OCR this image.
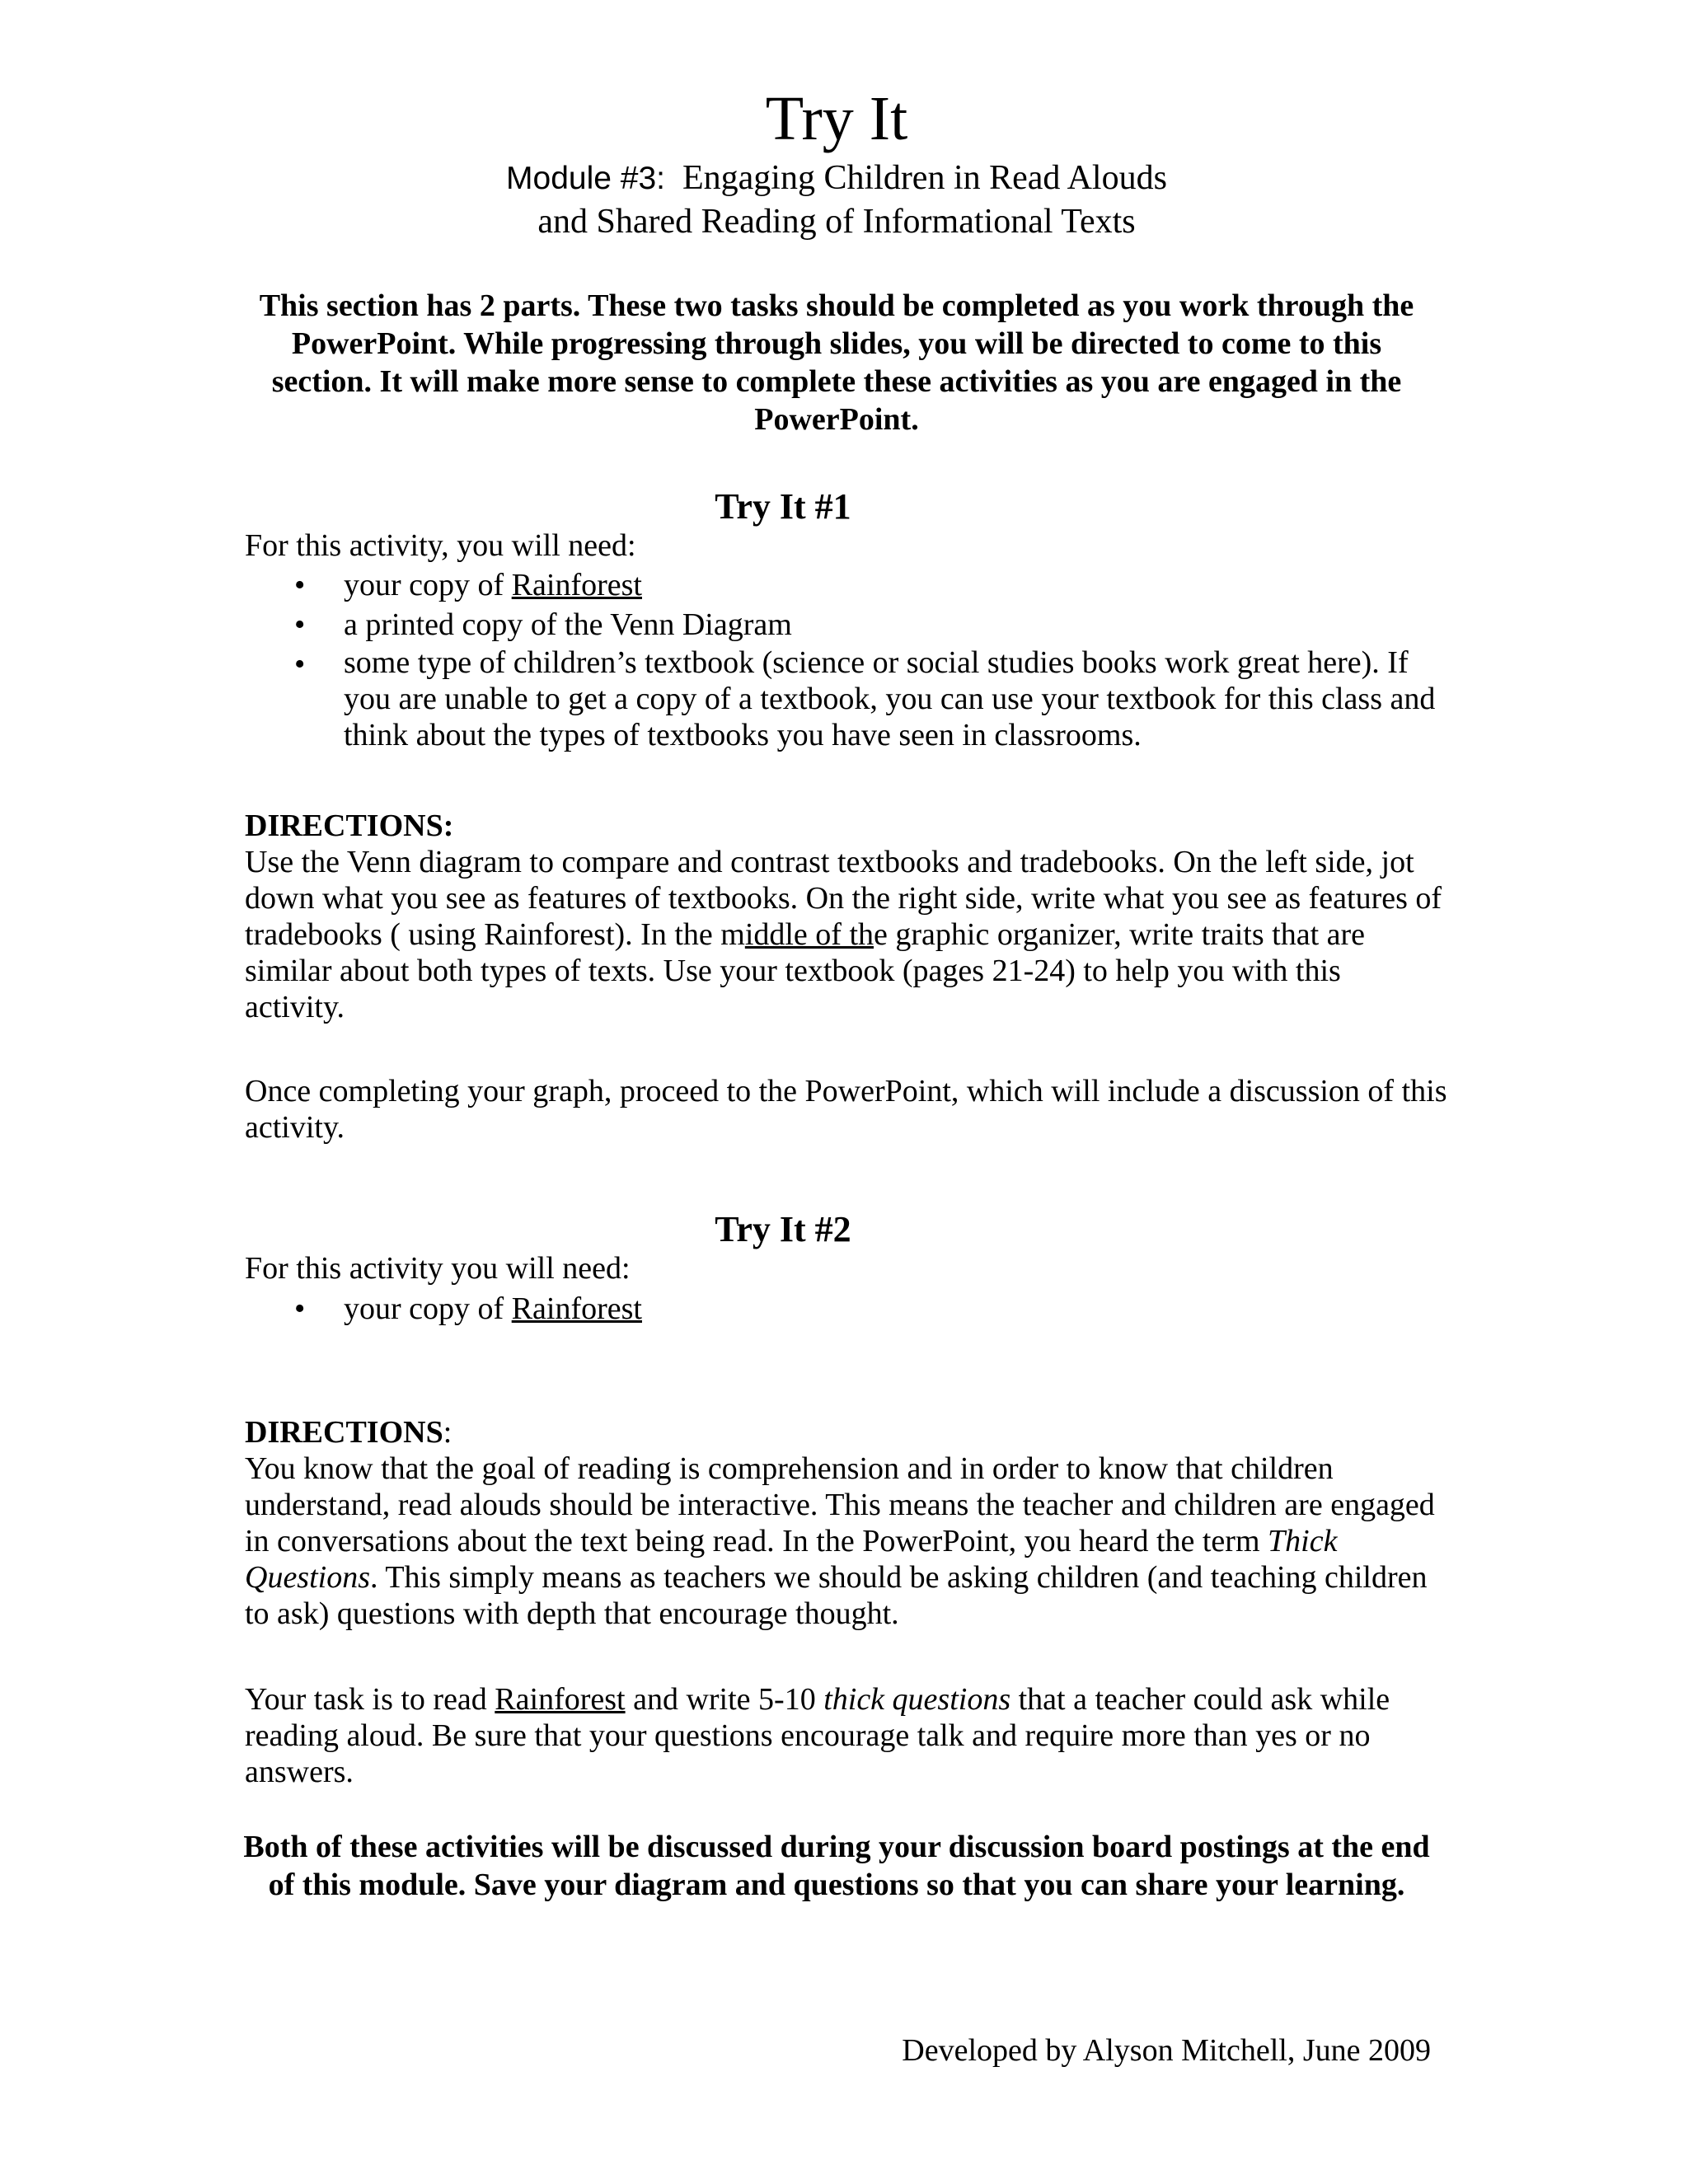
Try It
Module #3:  Engaging Children in Read Alouds
and Shared Reading of Informational Texts
This section has 2 parts. These two tasks should be completed as you work through the PowerPoint. While progressing through slides, you will be directed to come to this section. It will make more sense to complete these activities as you are engaged in the PowerPoint.
Try It #1
For this activity, you will need:
• your copy of Rainforest
• a printed copy of the Venn Diagram
• some type of children’s textbook (science or social studies books work great here). If you are unable to get a copy of a textbook, you can use your textbook for this class and think about the types of textbooks you have seen in classrooms.
DIRECTIONS:
Use the Venn diagram to compare and contrast textbooks and tradebooks. On the left side, jot down what you see as features of textbooks. On the right side, write what you see as features of tradebooks ( using Rainforest). In the middle of the graphic organizer, write traits that are similar about both types of texts. Use your textbook (pages 21-24) to help you with this activity.
Once completing your graph, proceed to the PowerPoint, which will include a discussion of this activity.
Try It #2
For this activity you will need:
• your copy of Rainforest
DIRECTIONS:
You know that the goal of reading is comprehension and in order to know that children understand, read alouds should be interactive. This means the teacher and children are engaged in conversations about the text being read. In the PowerPoint, you heard the term Thick Questions. This simply means as teachers we should be asking children (and teaching children to ask) questions with depth that encourage thought.
Your task is to read Rainforest and write 5-10 thick questions that a teacher could ask while reading aloud. Be sure that your questions encourage talk and require more than yes or no answers.
Both of these activities will be discussed during your discussion board postings at the end of this module. Save your diagram and questions so that you can share your learning.
Developed by Alyson Mitchell, June 2009
